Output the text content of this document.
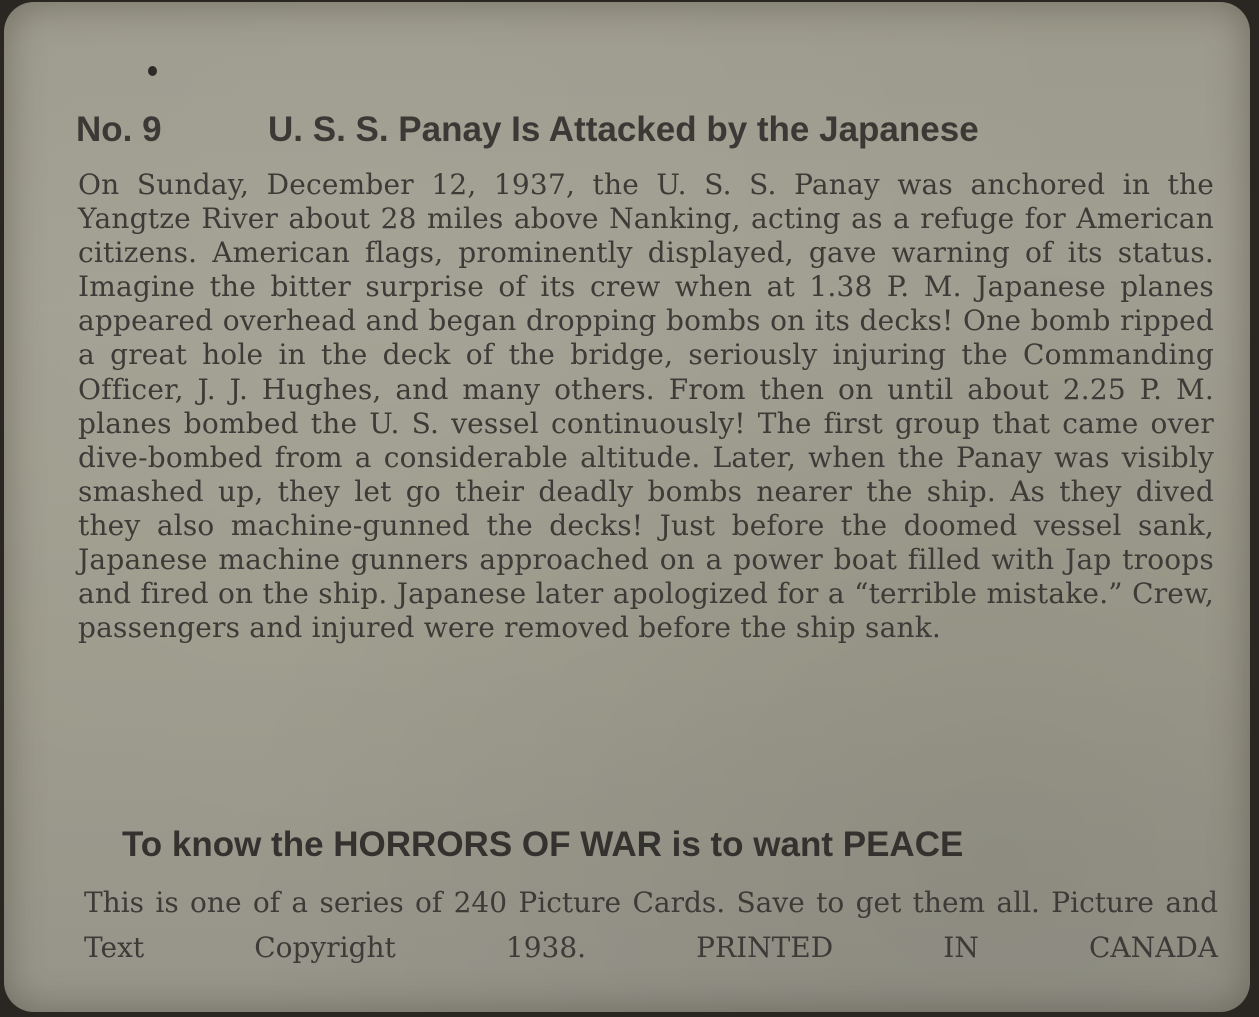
No. 9	U. S. S. Panay Is Attacked by the Japanese

On Sunday, December 12, 1937, the U. S. S. Panay was anchored in the Yangtze River about 28 miles above Nanking, acting as a refuge for American citizens. American flags, prominently displayed, gave warning of its status. Imagine the bitter surprise of its crew when at 1.38 P. M. Japanese planes appeared overhead and began dropping bombs on its decks! One bomb ripped a great hole in the deck of the bridge, seriously injuring the Commanding Officer, J. J. Hughes, and many others. From then on until about 2.25 P. M. planes bombed the U. S. vessel continuously! The first group that came over dive-bombed from a considerable altitude. Later, when the Panay was visibly smashed up, they let go their deadly bombs nearer the ship. As they dived they also machine-gunned the decks! Just before the doomed vessel sank, Japanese machine gunners approached on a power boat filled with Jap troops and fired on the ship. Japanese later apologized for a “terrible mistake.” Crew, passengers and injured were removed before the ship sank.

To know the HORRORS OF WAR is to want PEACE

This is one of a series of 240 Picture Cards. Save to get them all. Picture and Text Copyright 1938. PRINTED IN CANADA
